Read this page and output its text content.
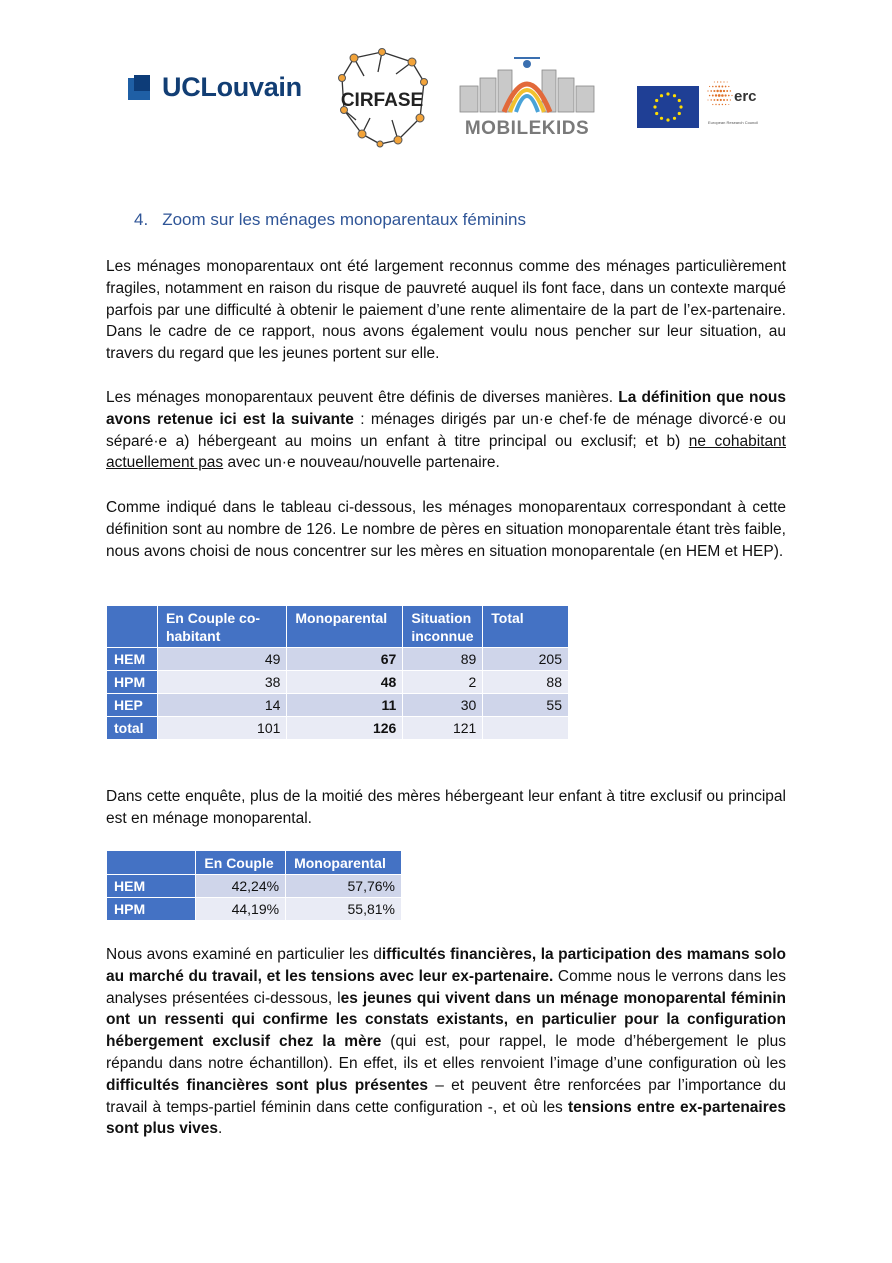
UCLouvain CIRFASE
MOBILEKIDS
erc
European Research Council
4. Zoom sur les ménages monoparentaux féminins

Les ménages monoparentaux ont été largement reconnus comme des ménages particulièrement fragiles, notamment en raison du risque de pauvreté auquel ils font face, dans un contexte marqué parfois par une difficulté à obtenir le paiement d’une rente alimentaire de la part de l’ex-partenaire. Dans le cadre de ce rapport, nous avons également voulu nous pencher sur leur situation, au travers du regard que les jeunes portent sur elle.

Les ménages monoparentaux peuvent être définis de diverses manières. La définition que nous avons retenue ici est la suivante : ménages dirigés par un·e chef·fe de ménage divorcé·e ou séparé·e a) hébergeant au moins un enfant à titre principal ou exclusif; et b) ne cohabitant actuellement pas avec un·e nouveau/nouvelle partenaire.

Comme indiqué dans le tableau ci-dessous, les ménages monoparentaux correspondant à cette définition sont au nombre de 126. Le nombre de pères en situation monoparentale étant très faible, nous avons choisi de nous concentrer sur les mères en situation monoparentale (en HEM et HEP).

	En Couple co-habitant	Monoparental	Situation inconnue	Total
HEM	49	67	89	205
HPM	38	48	2	88
HEP	14	11	30	55
total	101	126	121	

Dans cette enquête, plus de la moitié des mères hébergeant leur enfant à titre exclusif ou principal est en ménage monoparental.

	En Couple	Monoparental
HEM	42,24%	57,76%
HPM	44,19%	55,81%

Nous avons examiné en particulier les difficultés financières, la participation des mamans solo au marché du travail, et les tensions avec leur ex-partenaire. Comme nous le verrons dans les analyses présentées ci-dessous, les jeunes qui vivent dans un ménage monoparental féminin ont un ressenti qui confirme les constats existants, en particulier pour la configuration hébergement exclusif chez la mère (qui est, pour rappel, le mode d’hébergement le plus répandu dans notre échantillon). En effet, ils et elles renvoient l’image d’une configuration où les difficultés financières sont plus présentes – et peuvent être renforcées par l’importance du travail à temps-partiel féminin dans cette configuration -, et où les tensions entre ex-partenaires sont plus vives.
